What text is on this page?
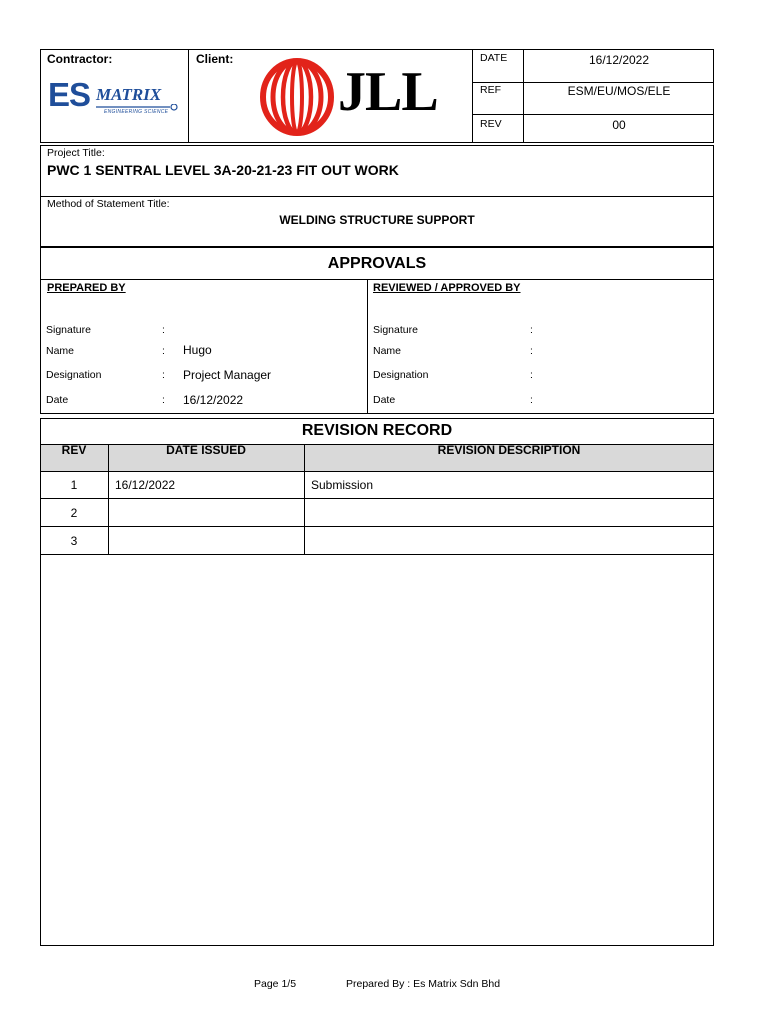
Contractor:	Client:
ES MATRIX
ENGINEERING SCIENCE	JLL
DATE	16/12/2022
REF	ESM/EU/MOS/ELE
REV	00
Project Title:
PWC 1 SENTRAL LEVEL 3A-20-21-23 FIT OUT WORK
Method of Statement Title:
WELDING STRUCTURE SUPPORT
APPROVALS
PREPARED BY	REVIEWED / APPROVED BY
Signature	:
Name	: Hugo
Designation	: Project Manager
Date	: 16/12/2022
Signature	:
Name	:
Designation	:
Date	:
REVISION RECORD
REV	DATE ISSUED	REVISION DESCRIPTION
1	16/12/2022	Submission
2
3
Page 1/5	Prepared By : Es Matrix Sdn Bhd
